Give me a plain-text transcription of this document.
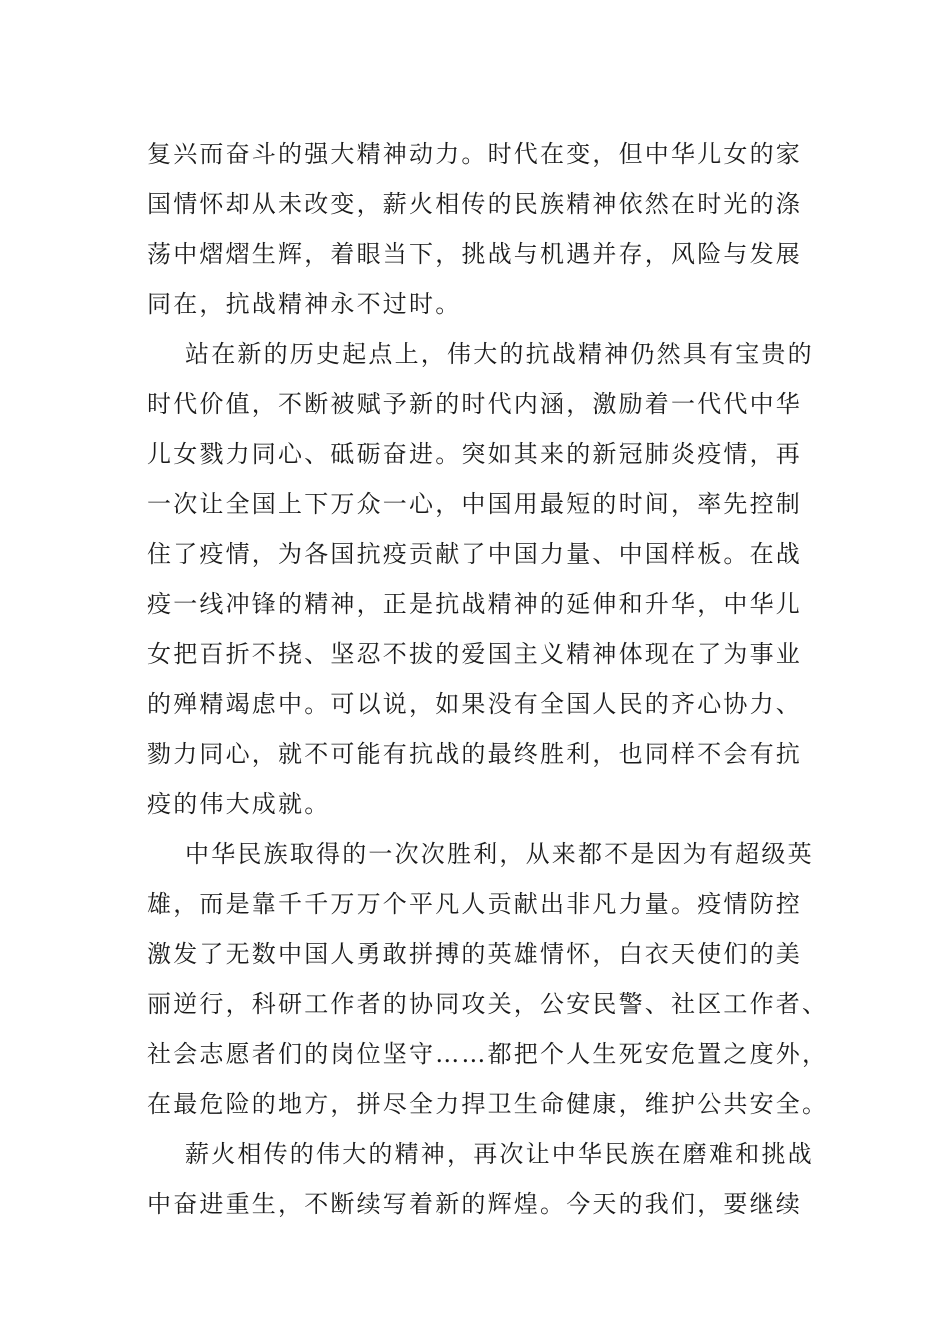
复兴而奋斗的强大精神动力。时代在变，但中华儿女的家
国情怀却从未改变，薪火相传的民族精神依然在时光的涤
荡中熠熠生辉，着眼当下，挑战与机遇并存，风险与发展
同在，抗战精神永不过时。
站在新的历史起点上，伟大的抗战精神仍然具有宝贵的
时代价值，不断被赋予新的时代内涵，激励着一代代中华
儿女戮力同心、砥砺奋进。突如其来的新冠肺炎疫情，再
一次让全国上下万众一心，中国用最短的时间，率先控制
住了疫情，为各国抗疫贡献了中国力量、中国样板。在战
疫一线冲锋的精神，正是抗战精神的延伸和升华，中华儿
女把百折不挠、坚忍不拔的爱国主义精神体现在了为事业
的殚精竭虑中。可以说，如果没有全国人民的齐心协力、
勠力同心，就不可能有抗战的最终胜利，也同样不会有抗
疫的伟大成就。
中华民族取得的一次次胜利，从来都不是因为有超级英
雄，而是靠千千万万个平凡人贡献出非凡力量。疫情防控
激发了无数中国人勇敢拼搏的英雄情怀，白衣天使们的美
丽逆行，科研工作者的协同攻关，公安民警、社区工作者、
社会志愿者们的岗位坚守……都把个人生死安危置之度外，
在最危险的地方，拼尽全力捍卫生命健康，维护公共安全。
薪火相传的伟大的精神，再次让中华民族在磨难和挑战
中奋进重生，不断续写着新的辉煌。今天的我们，要继续
